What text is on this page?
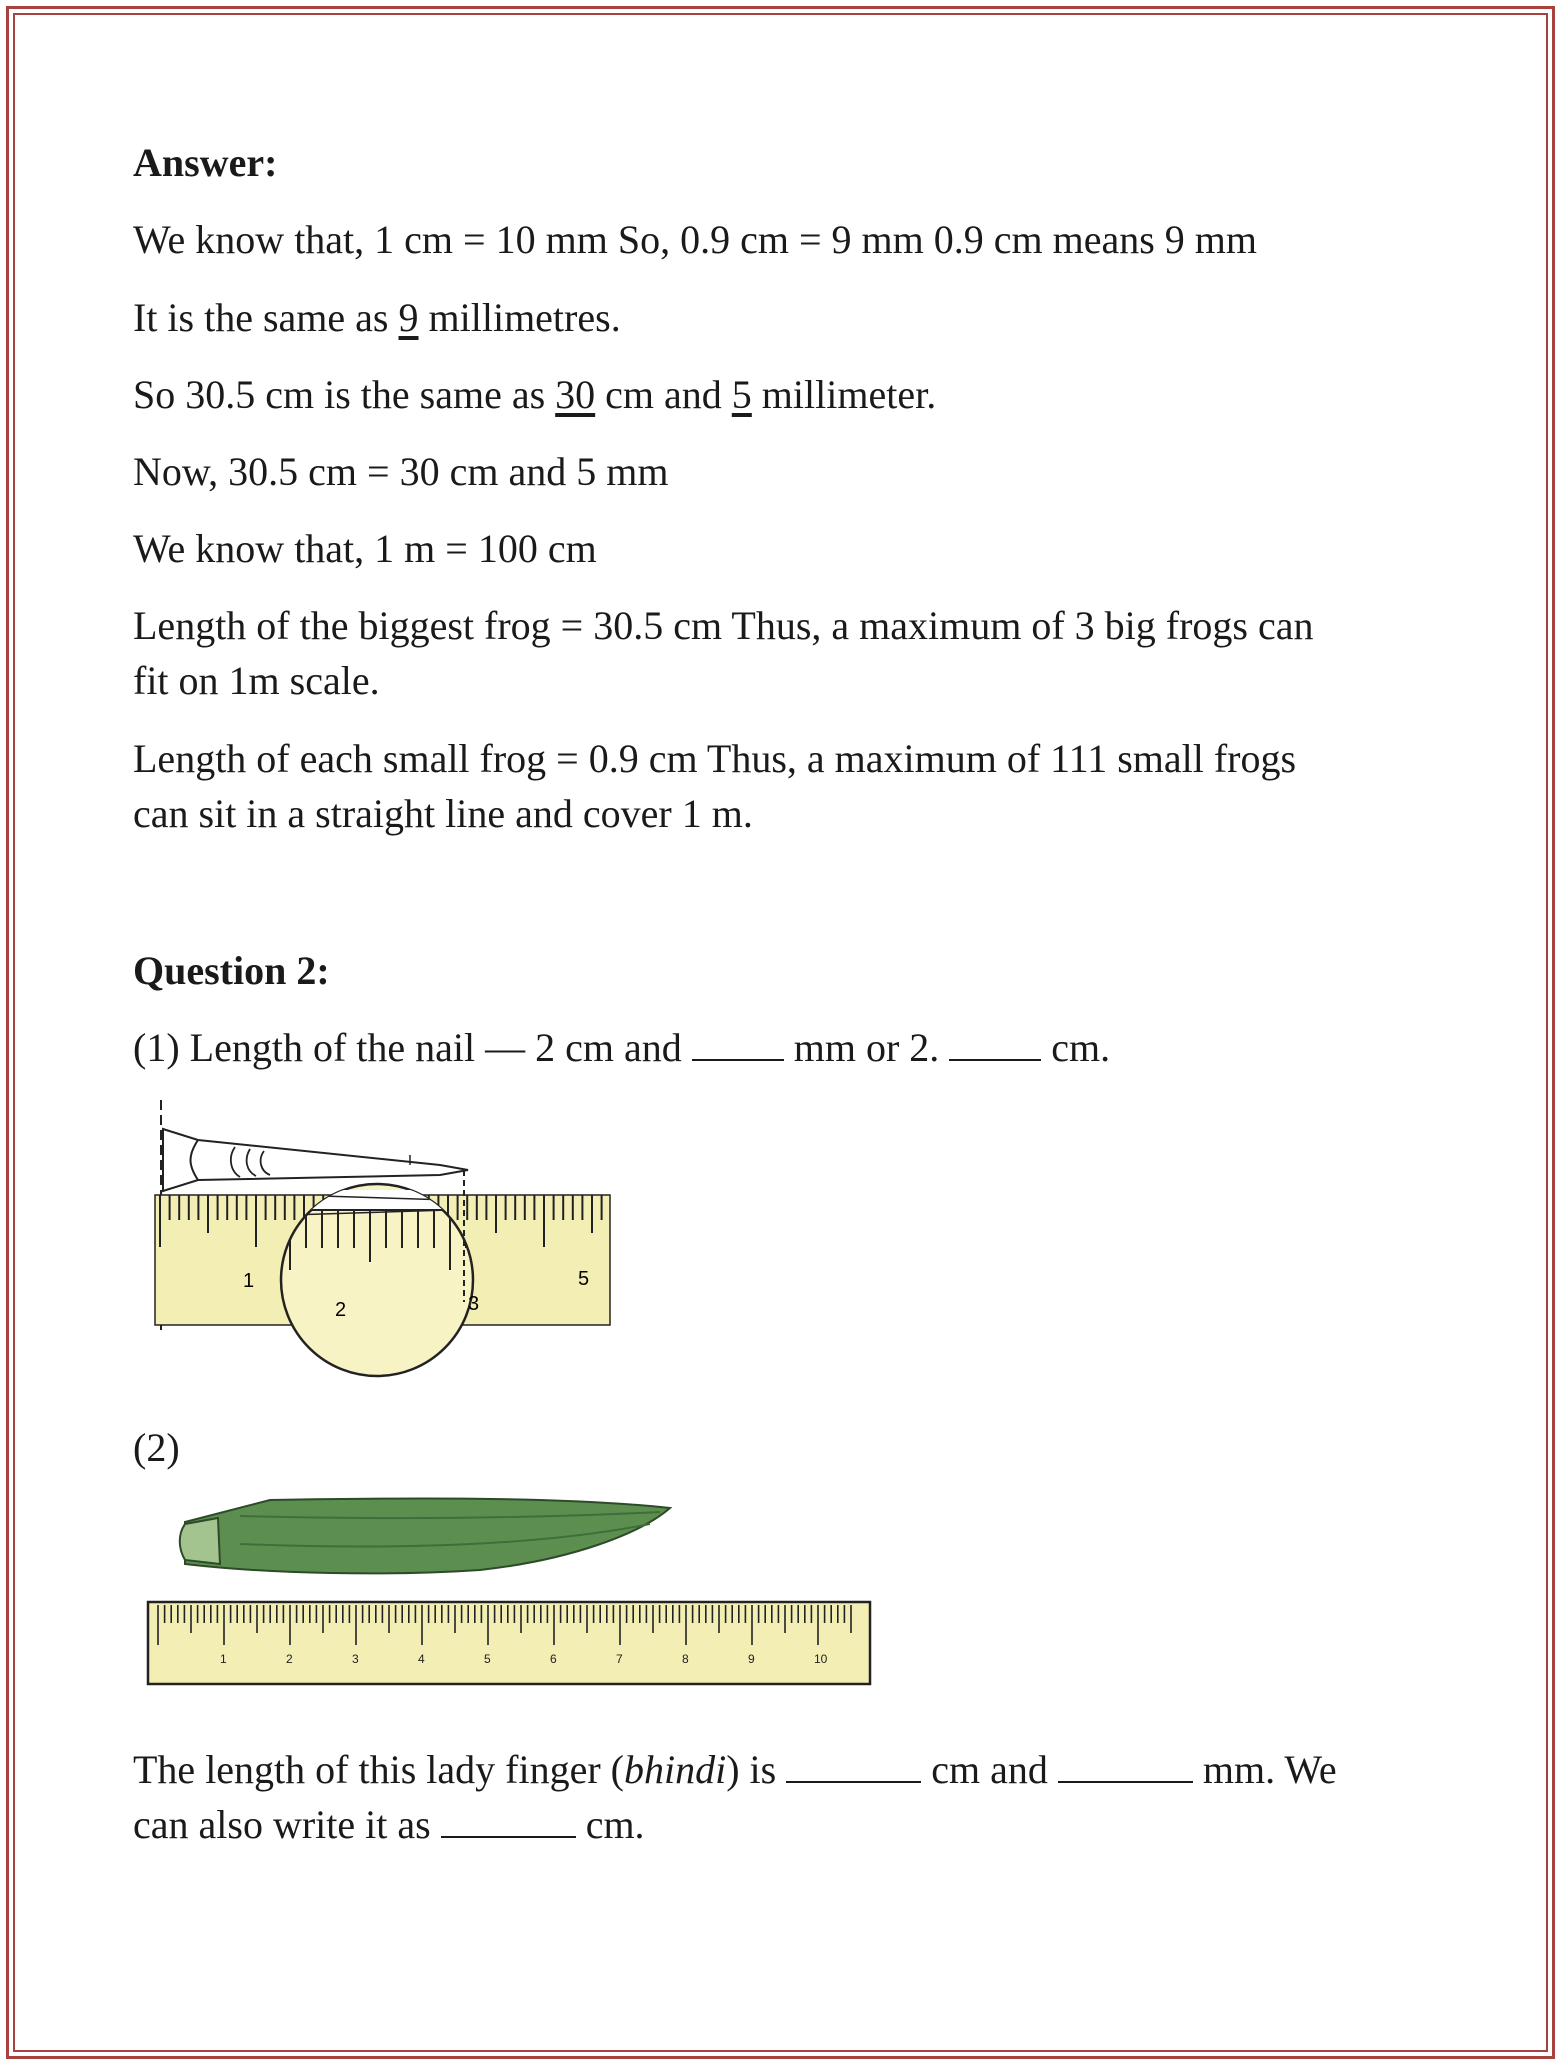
Answer:
We know that, 1 cm = 10 mm So, 0.9 cm = 9 mm 0.9 cm means 9 mm
It is the same as 9 millimetres.
So 30.5 cm is the same as 30 cm and 5 millimeter.
Now, 30.5 cm = 30 cm and 5 mm
We know that, 1 m = 100 cm
Length of the biggest frog = 30.5 cm Thus, a maximum of 3 big frogs can
fit on 1m scale.
Length of each small frog = 0.9 cm Thus, a maximum of 111 small frogs
can sit in a straight line and cover 1 m.
Question 2:
(1) Length of the nail — 2 cm and  mm or 2.  cm.
1	5
2	3
(2)
1	2	3	4	5	6	7	8	9	10
The length of this lady finger (bhindi) is	cm and	mm. We
can also write it as	cm.
